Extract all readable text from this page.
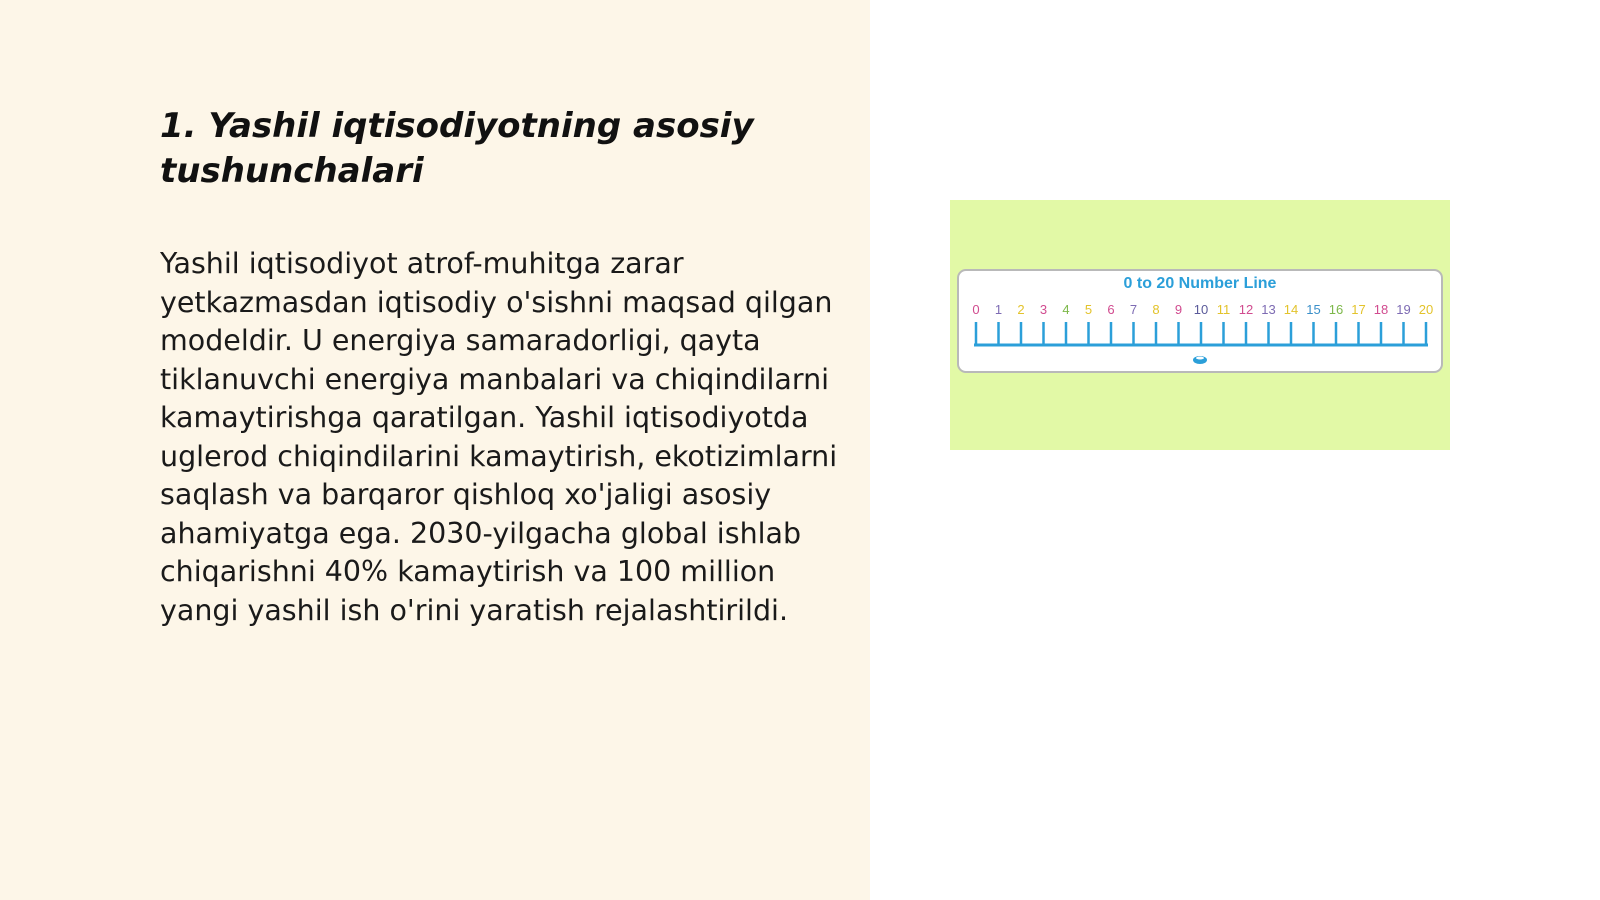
1. Yashil iqtisodiyotning asosiy tushunchalari

Yashil iqtisodiyot atrof-muhitga zarar yetkazmasdan iqtisodiy o'sishni maqsad qilgan modeldir. U energiya samaradorligi, qayta tiklanuvchi energiya manbalari va chiqindilarni kamaytirishga qaratilgan. Yashil iqtisodiyotda uglerod chiqindilarini kamaytirish, ekotizimlarni saqlash va barqaror qishloq xo'jaligi asosiy ahamiyatga ega. 2030-yilgacha global ishlab chiqarishni 40% kamaytirish va 100 million yangi yashil ish o'rini yaratish rejalashtirildi.

0 to 20 Number Line
0 1 2 3 4 5 6 7 8 9 10 11 12 13 14 15 16 17 18 19 20
